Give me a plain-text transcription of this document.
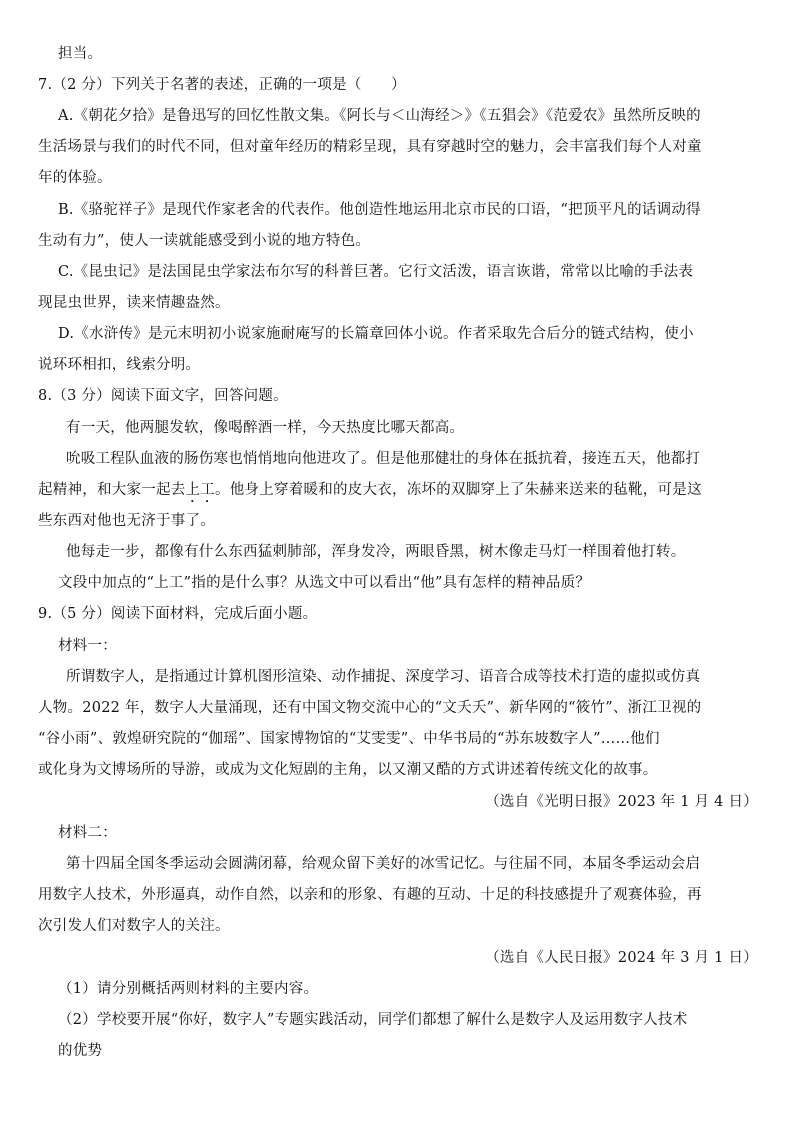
担当。
7.（2 分）下列关于名著的表述，正确的一项是（　　）
A.《朝花夕拾》是鲁迅写的回忆性散文集。《阿长与＜山海经＞》《五猖会》《范爱农》虽然所反映的
生活场景与我们的时代不同，但对童年经历的精彩呈现，具有穿越时空的魅力，会丰富我们每个人对童
年的体验。
B.《骆驼祥子》是现代作家老舍的代表作。他创造性地运用北京市民的口语，“把顶平凡的话调动得
生动有力”，使人一读就能感受到小说的地方特色。
C.《昆虫记》是法国昆虫学家法布尔写的科普巨著。它行文活泼，语言诙谐，常常以比喻的手法表
现昆虫世界，读来情趣盎然。
D.《水浒传》是元末明初小说家施耐庵写的长篇章回体小说。作者采取先合后分的链式结构，使小
说环环相扣，线索分明。
8.（3 分）阅读下面文字，回答问题。
有一天，他两腿发软，像喝醉酒一样，今天热度比哪天都高。
吮吸工程队血液的肠伤寒也悄悄地向他进攻了。但是他那健壮的身体在抵抗着，接连五天，他都打
起精神，和大家一起去上工。他身上穿着暖和的皮大衣，冻坏的双脚穿上了朱赫来送来的毡靴，可是这
些东西对他也无济于事了。
他每走一步，都像有什么东西猛刺肺部，浑身发冷，两眼昏黑，树木像走马灯一样围着他打转。
文段中加点的“上工”指的是什么事？从选文中可以看出“他”具有怎样的精神品质？
9.（5 分）阅读下面材料，完成后面小题。
材料一：
所谓数字人，是指通过计算机图形渲染、动作捕捉、深度学习、语音合成等技术打造的虚拟或仿真
人物。2022 年，数字人大量涌现，还有中国文物交流中心的“文夭夭”、新华网的“筱竹”、浙江卫视的
“谷小雨”、敦煌研究院的“伽瑶”、国家博物馆的“艾雯雯”、中华书局的“苏东坡数字人”……他们
或化身为文博场所的导游，或成为文化短剧的主角，以又潮又酷的方式讲述着传统文化的故事。
（选自《光明日报》2023 年 1 月 4 日）
材料二：
第十四届全国冬季运动会圆满闭幕，给观众留下美好的冰雪记忆。与往届不同，本届冬季运动会启
用数字人技术，外形逼真，动作自然，以亲和的形象、有趣的互动、十足的科技感提升了观赛体验，再
次引发人们对数字人的关注。
（选自《人民日报》2024 年 3 月 1 日）
（1）请分别概括两则材料的主要内容。
（2）学校要开展“你好，数字人”专题实践活动，同学们都想了解什么是数字人及运用数字人技术
的优势
